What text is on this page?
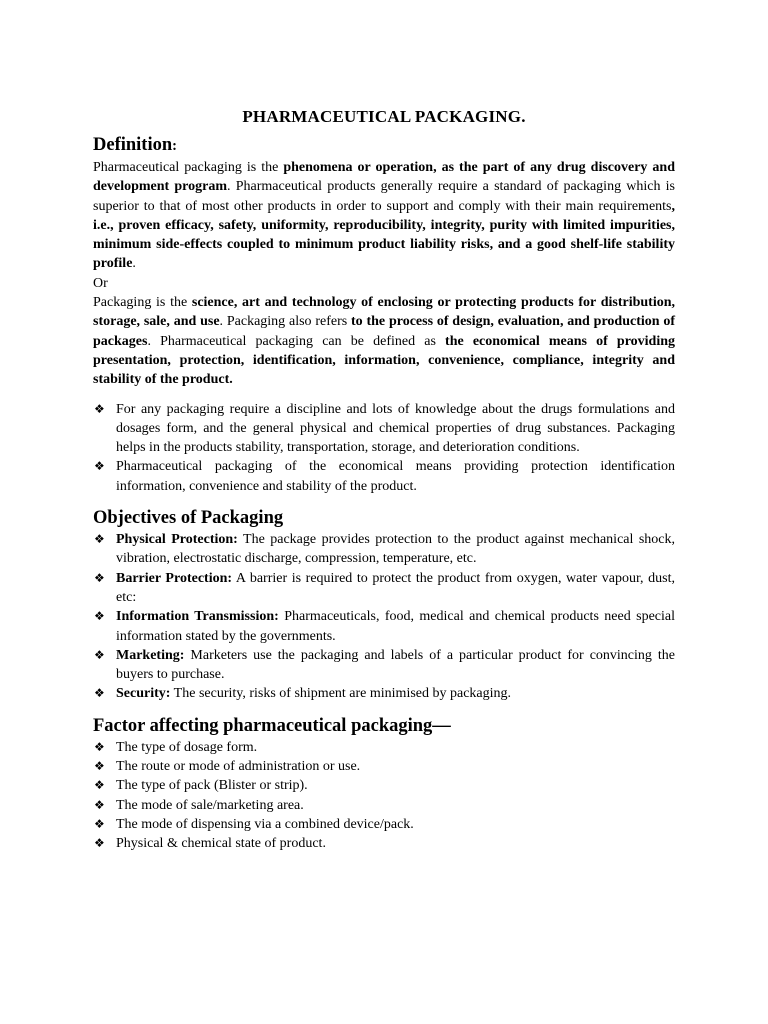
PHARMACEUTICAL PACKAGING.
Definition:

Pharmaceutical packaging is the phenomena or operation, as the part of any drug discovery and development program. Pharmaceutical products generally require a standard of packaging which is superior to that of most other products in order to support and comply with their main requirements, i.e., proven efficacy, safety, uniformity, reproducibility, integrity, purity with limited impurities, minimum side-effects coupled to minimum product liability risks, and a good shelf-life stability profile.

Or

Packaging is the science, art and technology of enclosing or protecting products for distribution, storage, sale, and use. Packaging also refers to the process of design, evaluation, and production of packages. Pharmaceutical packaging can be defined as the economical means of providing presentation, protection, identification, information, convenience, compliance, integrity and stability of the product.

❖ For any packaging require a discipline and lots of knowledge about the drugs formulations and dosages form, and the general physical and chemical properties of drug substances. Packaging helps in the products stability, transportation, storage, and deterioration conditions.
❖ Pharmaceutical packaging of the economical means providing protection identification information, convenience and stability of the product.
Objectives of Packaging
❖ Physical Protection: The package provides protection to the product against mechanical shock, vibration, electrostatic discharge, compression, temperature, etc.
❖ Barrier Protection: A barrier is required to protect the product from oxygen, water vapour, dust, etc:
❖ Information Transmission: Pharmaceuticals, food, medical and chemical products need special information stated by the governments.
❖ Marketing: Marketers use the packaging and labels of a particular product for convincing the buyers to purchase.
❖ Security: The security, risks of shipment are minimised by packaging.
Factor affecting pharmaceutical packaging—
❖ The type of dosage form.
❖ The route or mode of administration or use.
❖ The type of pack (Blister or strip).
❖ The mode of sale/marketing area.
❖ The mode of dispensing via a combined device/pack.
❖ Physical & chemical state of product.
